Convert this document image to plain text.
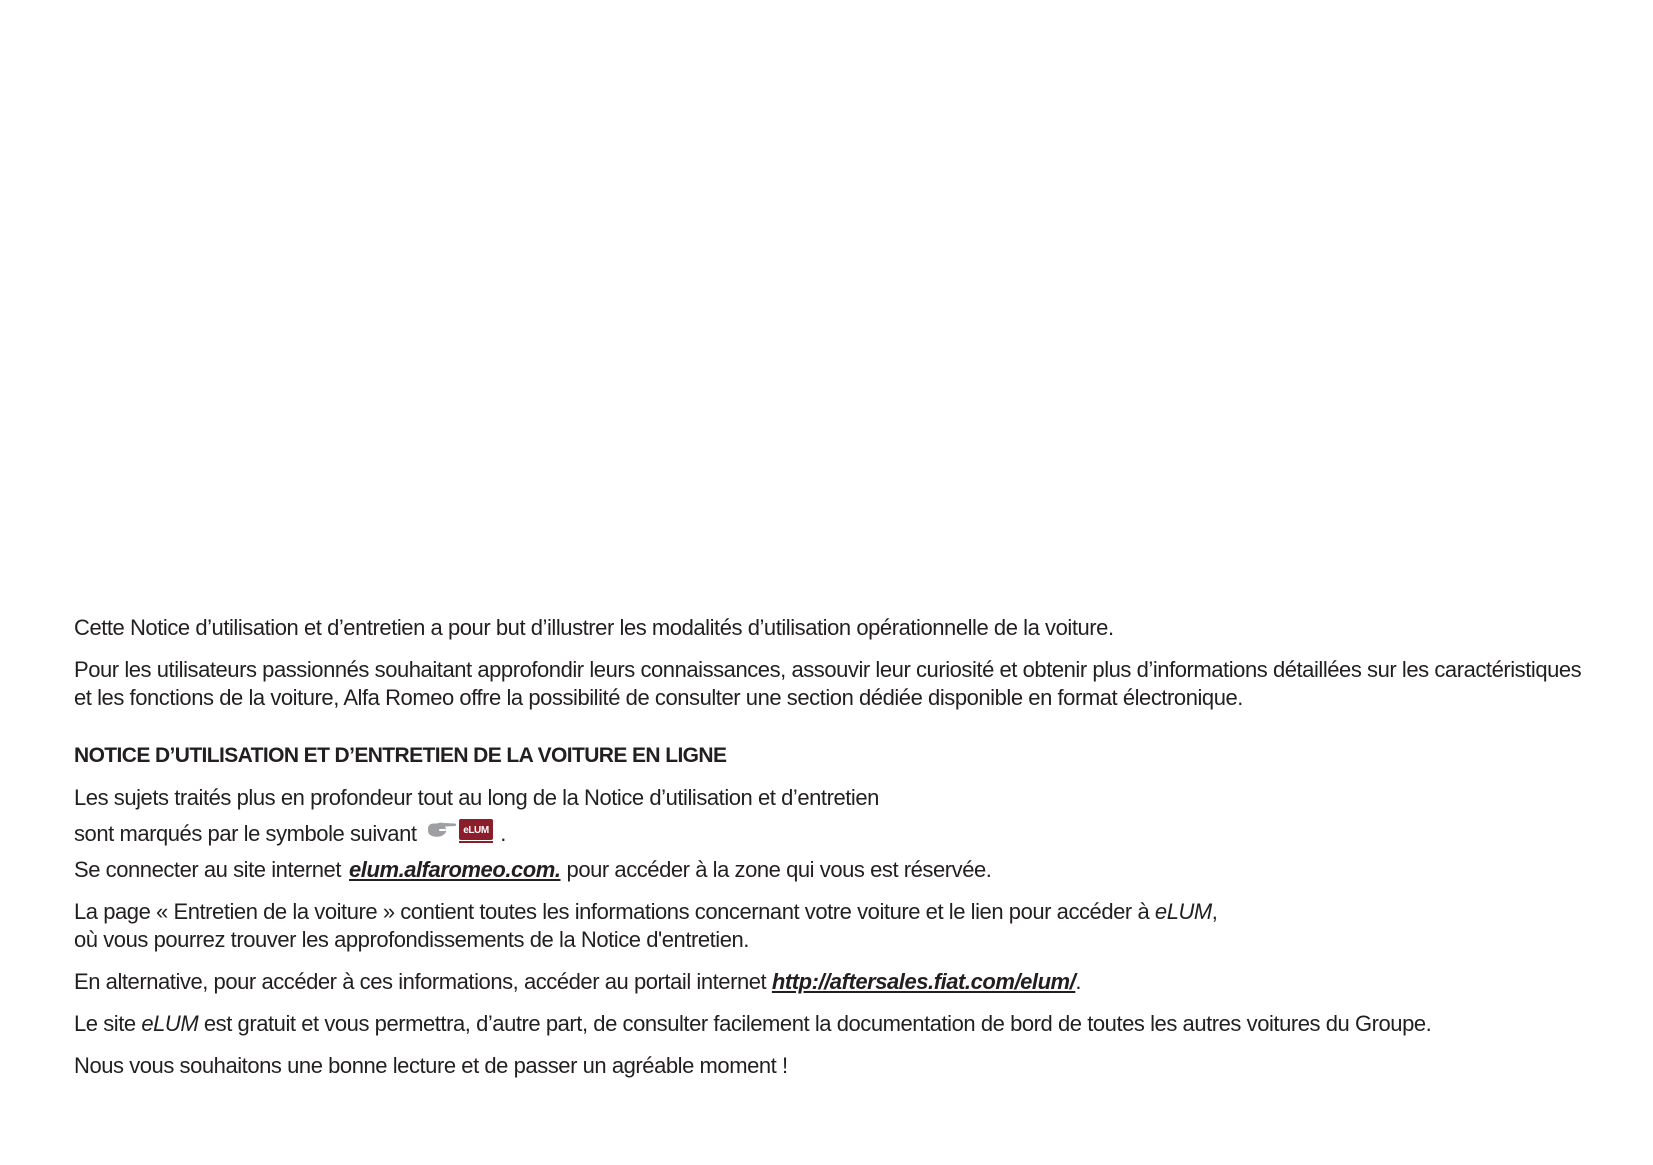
Cette Notice d’utilisation et d’entretien a pour but d’illustrer les modalités d’utilisation opérationnelle de la voiture.

Pour les utilisateurs passionnés souhaitant approfondir leurs connaissances, assouvir leur curiosité et obtenir plus d’informations détaillées sur les caractéristiques
et les fonctions de la voiture, Alfa Romeo offre la possibilité de consulter une section dédiée disponible en format électronique.

NOTICE D’UTILISATION ET D’ENTRETIEN DE LA VOITURE EN LIGNE

Les sujets traités plus en profondeur tout au long de la Notice d’utilisation et d’entretien
sont marqués par le symbole suivant	eLUM .

Se connecter au site internet elum.alfaromeo.com. pour accéder à la zone qui vous est réservée.

La page « Entretien de la voiture » contient toutes les informations concernant votre voiture et le lien pour accéder à eLUM,
où vous pourrez trouver les approfondissements de la Notice d'entretien.

En alternative, pour accéder à ces informations, accéder au portail internet http://aftersales.fiat.com/elum/.

Le site eLUM est gratuit et vous permettra, d’autre part, de consulter facilement la documentation de bord de toutes les autres voitures du Groupe.

Nous vous souhaitons une bonne lecture et de passer un agréable moment !
